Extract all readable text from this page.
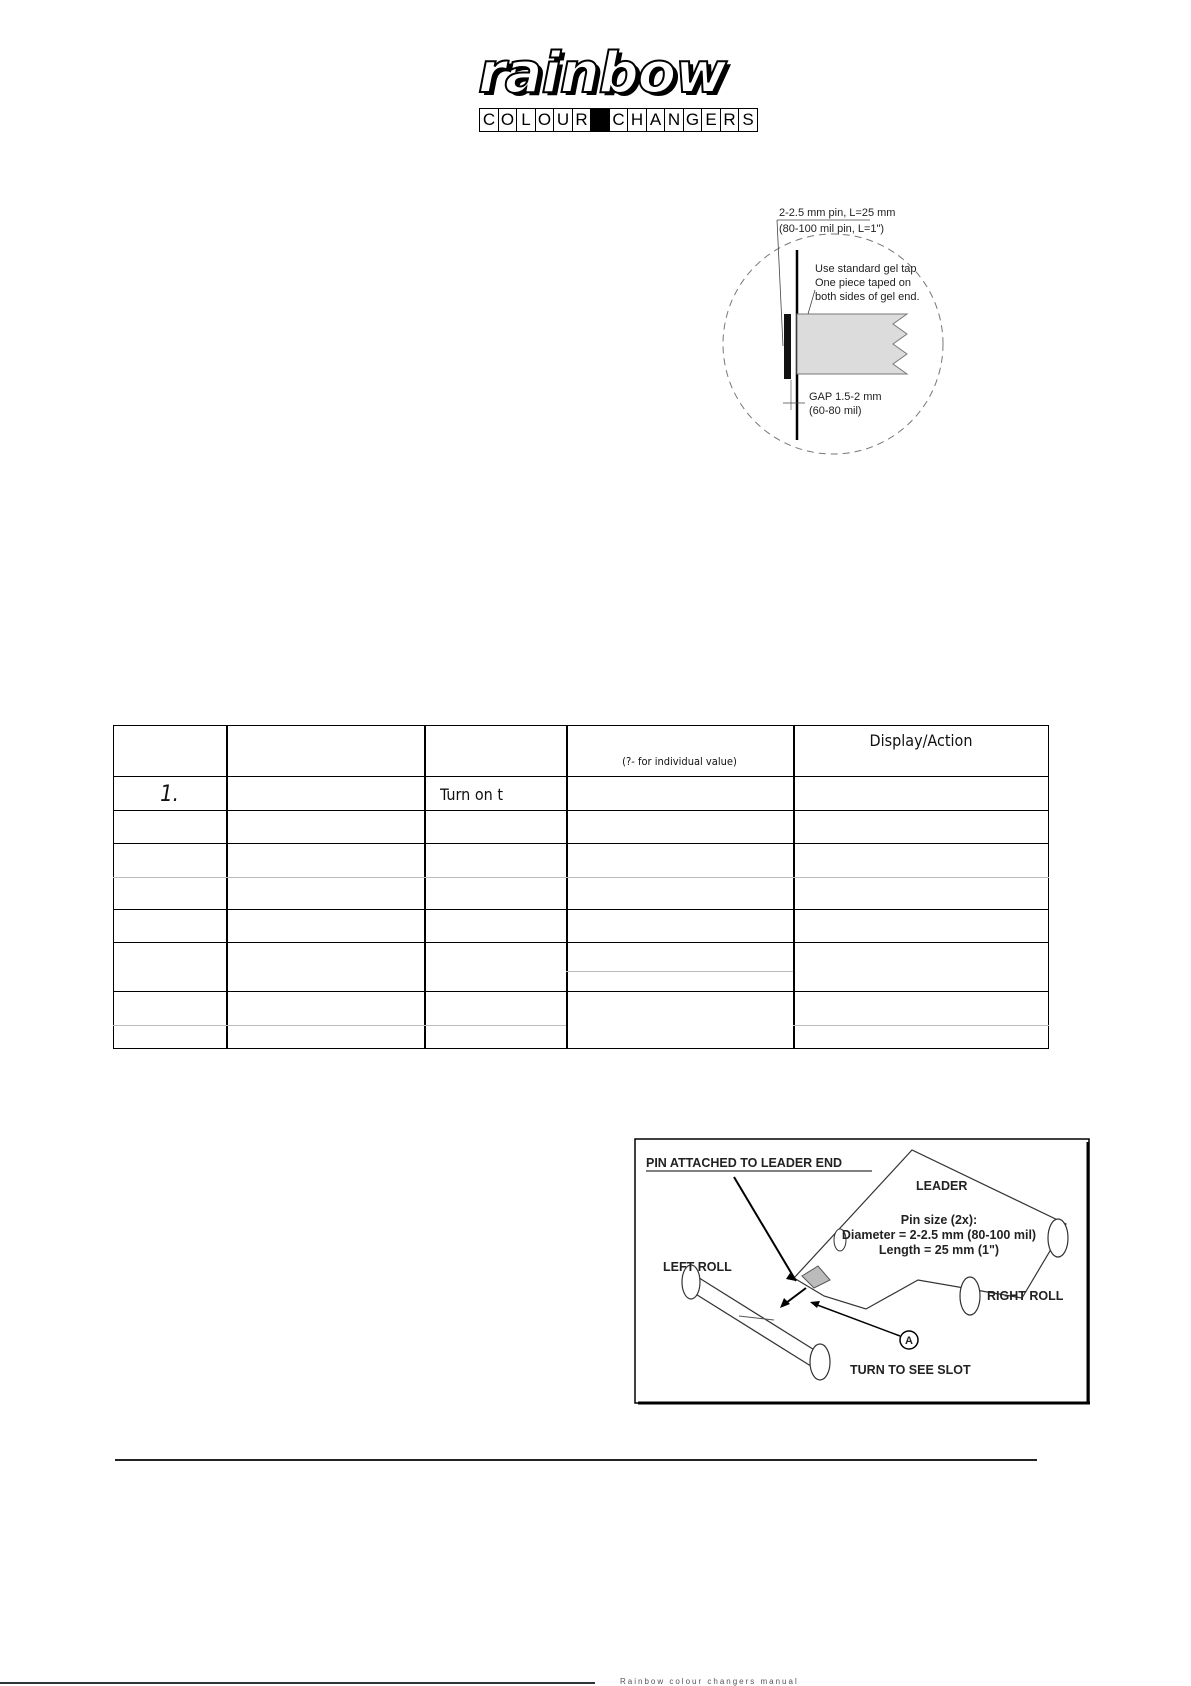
rainbow
C O L O U R C H A N G E R S
2-2.5 mm pin, L=25 mm
(80-100 mil pin, L=1")
Use standard gel tap
One piece taped on
both sides of gel end.
GAP 1.5-2 mm
(60-80 mil)
(?- for individual value)
Display/Action
1.	Turn on t
PIN ATTACHED TO LEADER END
LEADER
Pin size (2x):
Diameter = 2-2.5 mm (80-100 mil)
Length = 25 mm (1")
LEFT ROLL
RIGHT ROLL
A
TURN TO SEE SLOT
Rainbow colour changers manual
